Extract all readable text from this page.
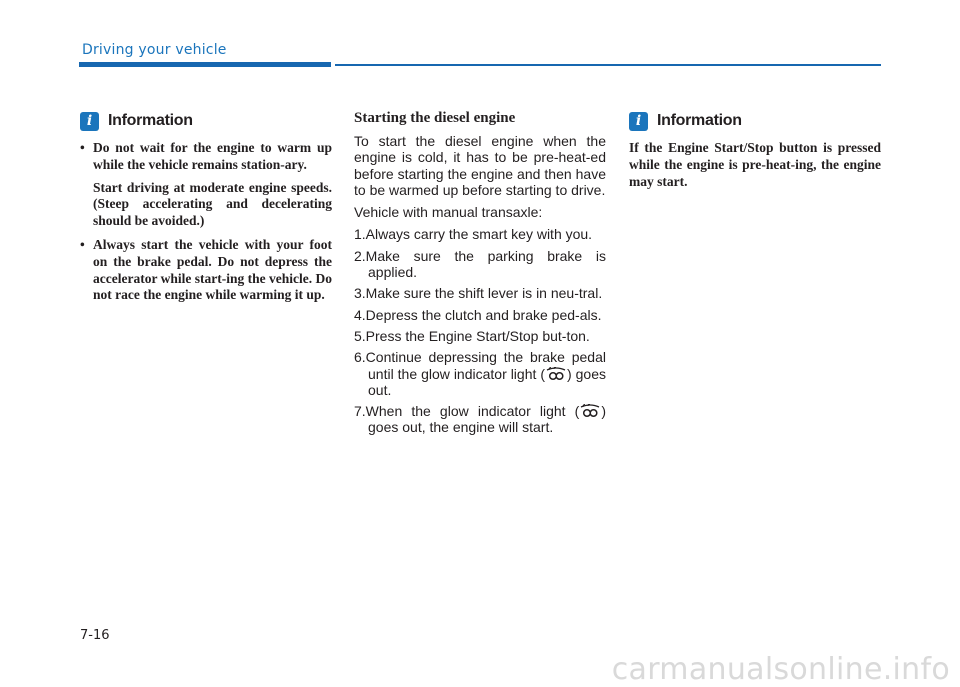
Driving your vehicle
i Information

• Do not wait for the engine to warm up while the vehicle remains station-ary.

Start driving at moderate engine speeds. (Steep accelerating and decelerating should be avoided.)

• Always start the vehicle with your foot on the brake pedal. Do not depress the accelerator while start-ing the vehicle. Do not race the engine while warming it up.

Starting the diesel engine

To start the diesel engine when the engine is cold, it has to be pre-heat-ed before starting the engine and then have to be warmed up before starting to drive.

Vehicle with manual transaxle:

1.Always carry the smart key with you.
2.Make sure the parking brake is applied.
3.Make sure the shift lever is in neu-tral.
4.Depress the clutch and brake ped-als.
5.Press the Engine Start/Stop but-ton.
6.Continue depressing the brake pedal until the glow indicator light ( ) goes out.
7.When the glow indicator light ( ) goes out, the engine will start.
i Information

If the Engine Start/Stop button is pressed while the engine is pre-heat-ing, the engine may start.

7-16
carmanualsonline.info
